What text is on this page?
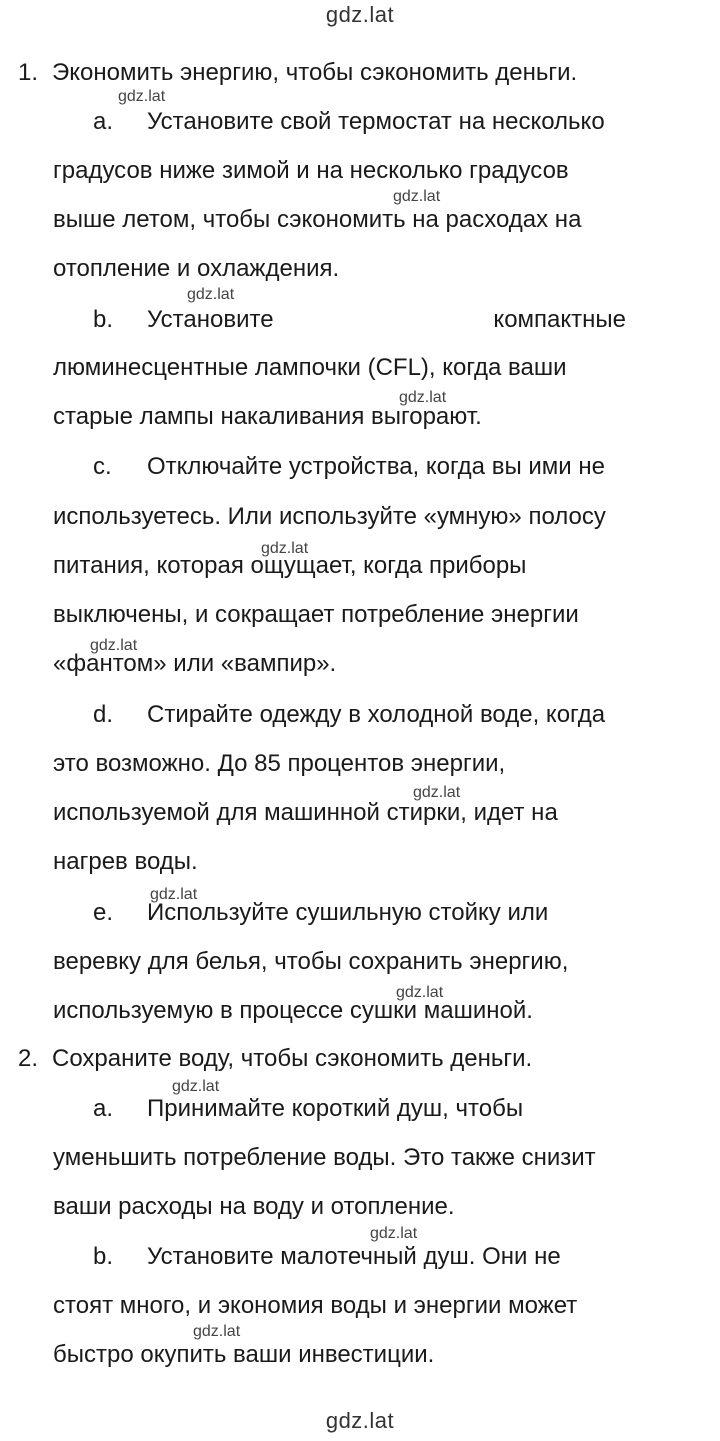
gdz.lat
1. Экономить энергию, чтобы сэкономить деньги.
a. Установите свой термостат на несколько
градусов ниже зимой и на несколько градусов
выше летом, чтобы сэкономить на расходах на
отопление и охлаждения.
b. Установите	компактные
люминесцентные лампочки (CFL), когда ваши
старые лампы накаливания выгорают.
c. Отключайте устройства, когда вы ими не
используетесь. Или используйте «умную» полосу
питания, которая ощущает, когда приборы
выключены, и сокращает потребление энергии
«фантом» или «вампир».
d. Стирайте одежду в холодной воде, когда
это возможно. До 85 процентов энергии,
используемой для машинной стирки, идет на
нагрев воды.
e. Используйте сушильную стойку или
веревку для белья, чтобы сохранить энергию,
используемую в процессе сушки машиной.
2. Сохраните воду, чтобы сэкономить деньги.
a. Принимайте короткий душ, чтобы
уменьшить потребление воды. Это также снизит
ваши расходы на воду и отопление.
b. Установите малотечный душ. Они не
стоят много, и экономия воды и энергии может
быстро окупить ваши инвестиции.
gdz.lat
gdz.lat
gdz.lat
gdz.lat
gdz.lat
gdz.lat
gdz.lat
gdz.lat
gdz.lat
gdz.lat
gdz.lat
gdz.lat
gdz.lat
